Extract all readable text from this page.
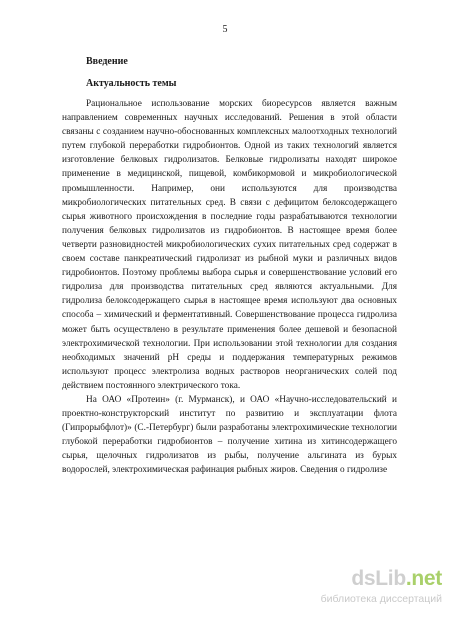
5
Введение
Актуальность темы

Рациональное использование морских биоресурсов является важным направлением современных научных исследований. Решения в этой области связаны с созданием научно-обоснованных комплексных малоотходных технологий путем глубокой переработки гидробионтов. Одной из таких технологий является изготовление белковых гидролизатов. Белковые гидролизаты находят широкое применение в медицинской, пищевой, комбикормовой и микробиологической промышленности. Например, они используются для производства микробиологических питательных сред. В связи с дефицитом белоксодержащего сырья животного происхождения в последние годы разрабатываются технологии получения белковых гидролизатов из гидробионтов. В настоящее время более четверти разновидностей микробиологических сухих питательных сред содержат в своем составе панкреатический гидролизат из рыбной муки и различных видов гидробионтов. Поэтому проблемы выбора сырья и совершенствование условий его гидролиза для производства питательных сред являются актуальными. Для гидролиза белоксодержащего сырья в настоящее время используют два основных способа – химический и ферментативный. Совершенствование процесса гидролиза может быть осуществлено в результате применения более дешевой и безопасной электрохимической технологии. При использовании этой технологии для создания необходимых значений pH среды и поддержания температурных режимов используют процесс электролиза водных растворов неорганических солей под действием постоянного электрического тока.

На ОАО «Протеин» (г. Мурманск), и ОАО «Научно-исследовательский и проектно-конструкторский институт по развитию и эксплуатации флота (Гипрорыбфлот)» (С.-Петербург) были разработаны электрохимические технологии глубокой переработки гидробионтов – получение хитина из хитинсодержащего сырья, щелочных гидролизатов из рыбы, получение альгината из бурых водорослей, электрохимическая рафинация рыбных жиров. Сведения о гидролизе

dsLib.net
библиотека диссертаций
